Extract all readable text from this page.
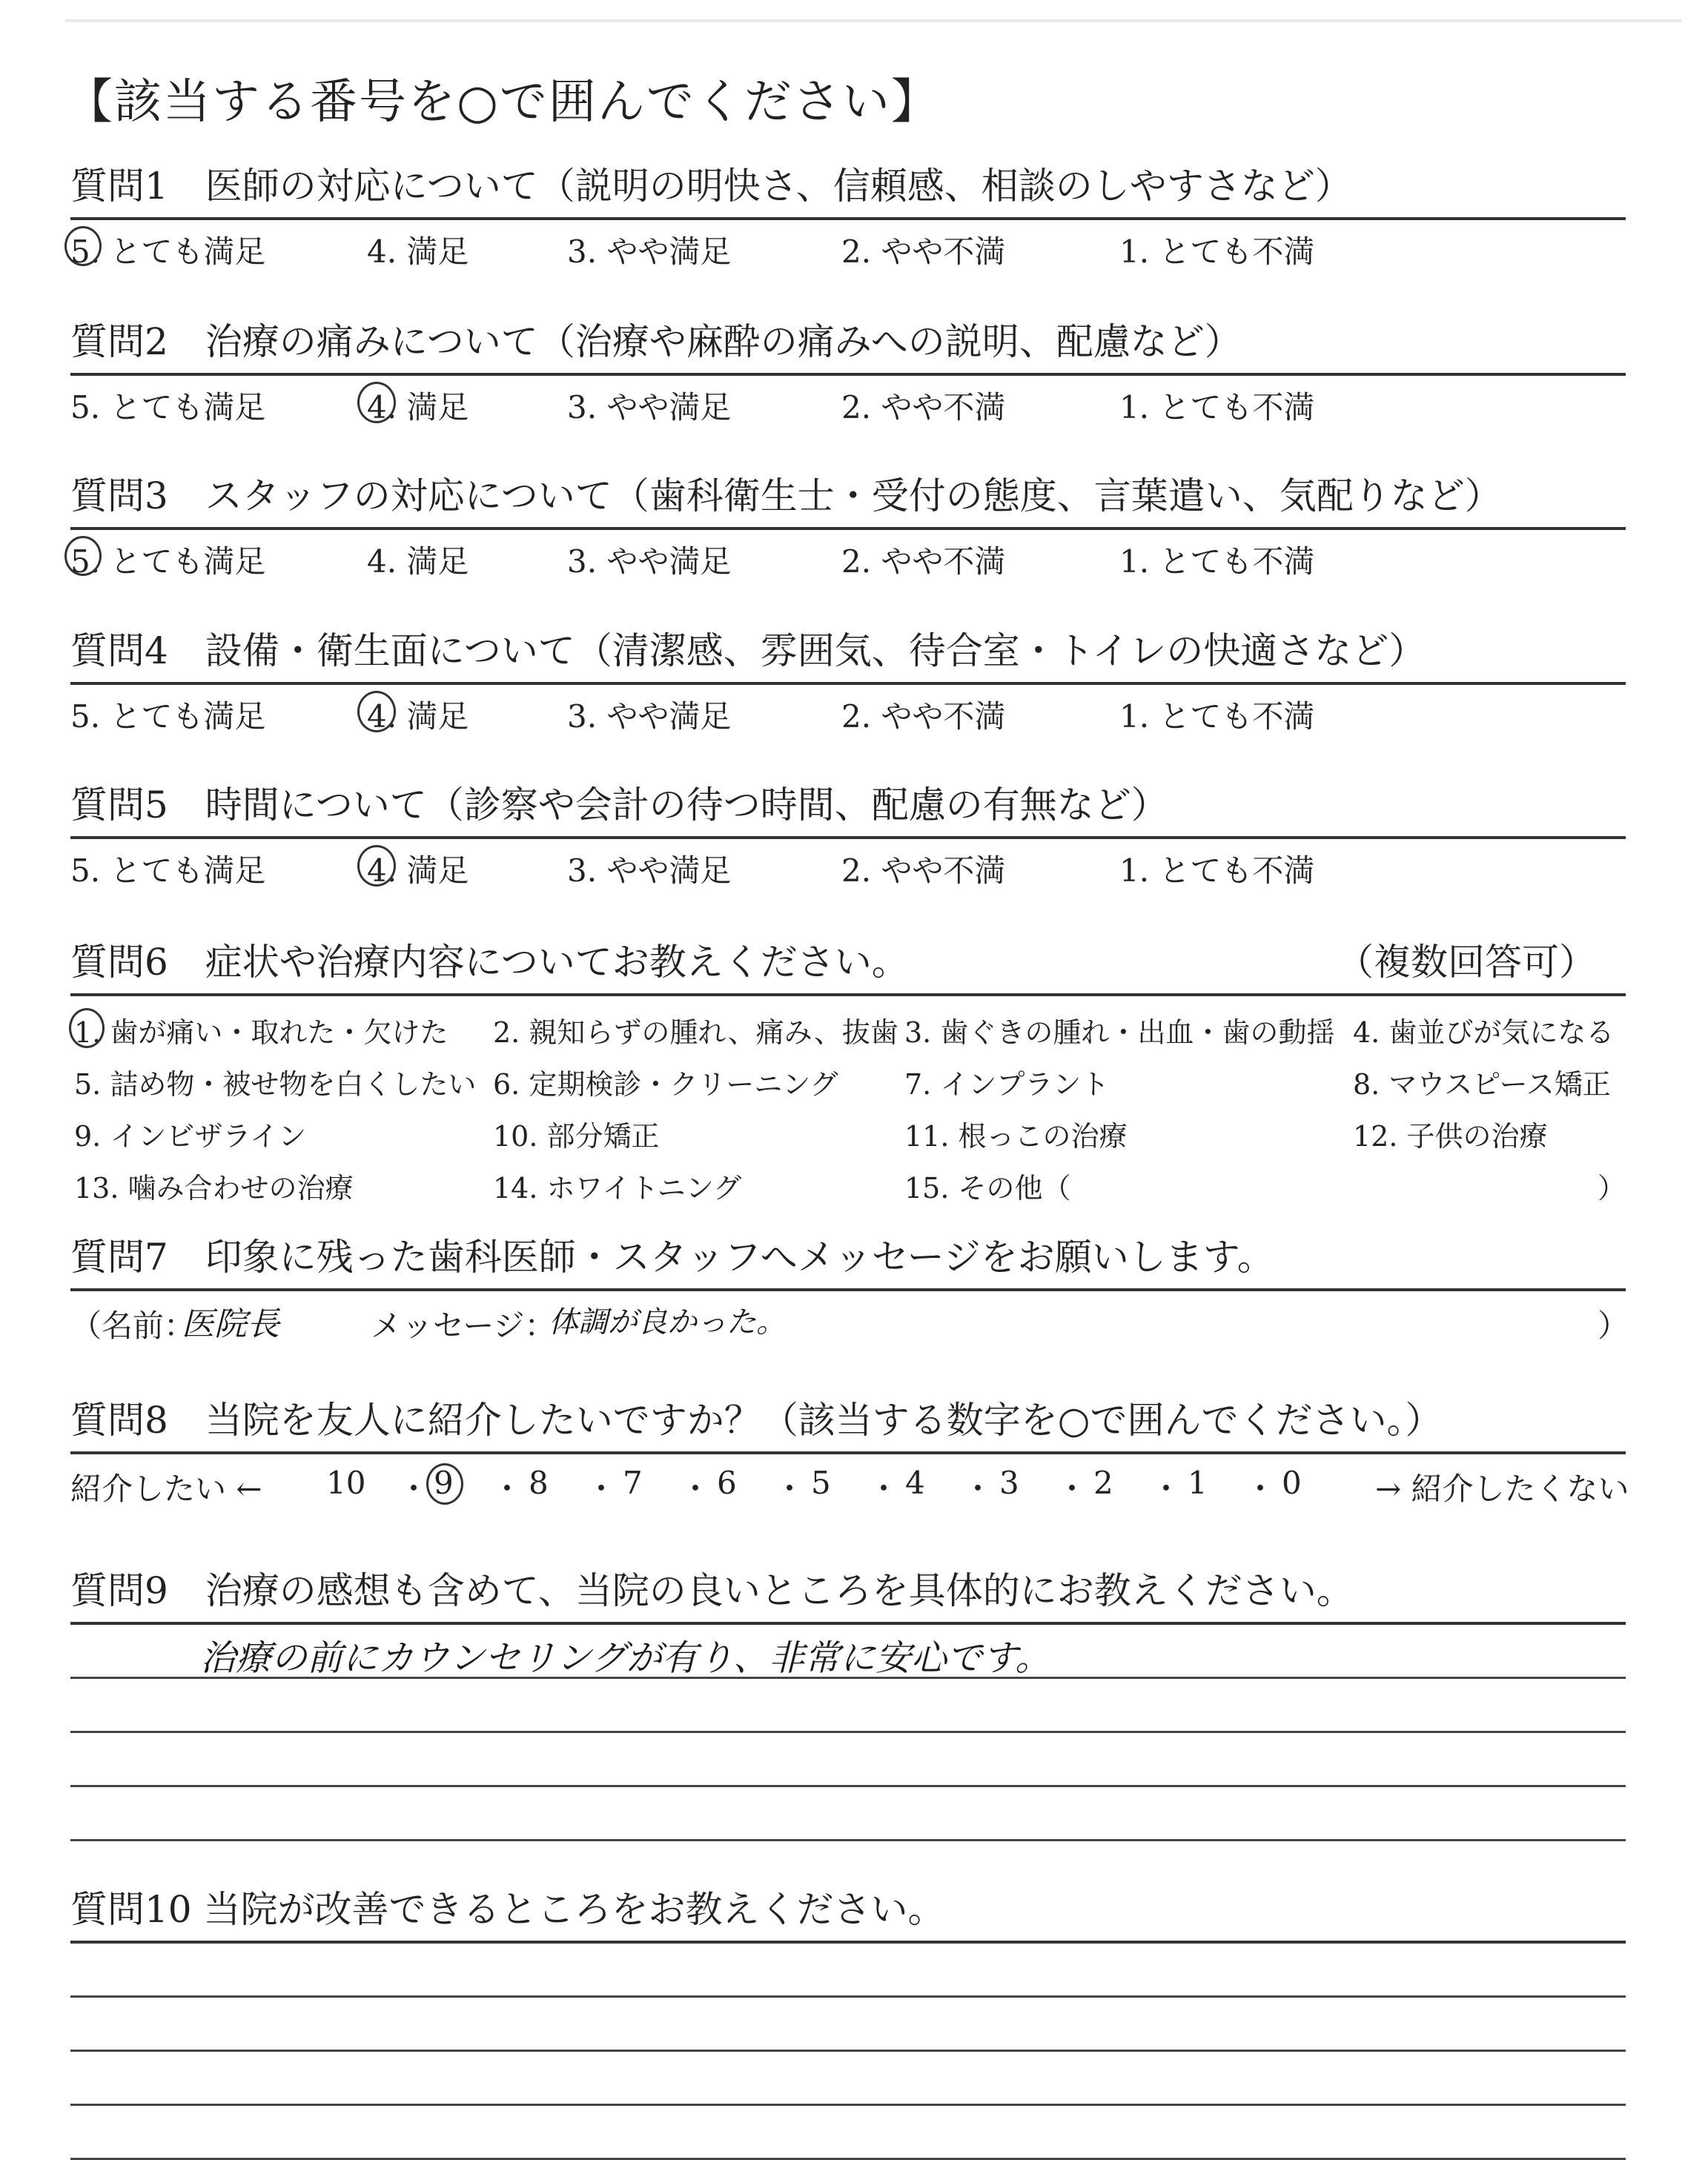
【該当する番号を○で囲んでください】
質問1　医師の対応について（説明の明快さ、信頼感、相談のしやすさなど）
5. とても満足	4. 満足	3. やや満足	2. やや不満	1. とても不満
質問2　治療の痛みについて（治療や麻酔の痛みへの説明、配慮など）
5. とても満足	4. 満足	3. やや満足	2. やや不満	1. とても不満
質問3　スタッフの対応について（歯科衛生士・受付の態度、言葉遣い、気配りなど）
5. とても満足	4. 満足	3. やや満足	2. やや不満	1. とても不満
質問4　設備・衛生面について（清潔感、雰囲気、待合室・トイレの快適さなど）
5. とても満足	4. 満足	3. やや満足	2. やや不満	1. とても不満
質問5　時間について（診察や会計の待つ時間、配慮の有無など）
5. とても満足	4. 満足	3. やや満足	2. やや不満	1. とても不満
質問6　症状や治療内容についてお教えください。	（複数回答可）
1. 歯が痛い・取れた・欠けた 2. 親知らずの腫れ、痛み、抜歯 3. 歯ぐきの腫れ・出血・歯の動揺 4. 歯並びが気になる
5. 詰め物・被せ物を白くしたい 6. 定期検診・クリーニング 7. インプラント	8. マウスピース矯正
9. インビザライン	10. 部分矯正	11. 根っこの治療	12. 子供の治療
13. 噛み合わせの治療	14. ホワイトニング	15. その他（	）
質問7　印象に残った歯科医師・スタッフへメッセージをお願いします。
（名前：
医院長	メッセージ：
体調が良かった。	）
質問8　当院を友人に紹介したいですか？（該当する数字を○で囲んでください。）
紹介したい ← 10 ・ 9 ・ 8 ・ 7 ・ 6 ・ 5 ・ 4 ・ 3 ・ 2 ・ 1 ・ 0 → 紹介したくない
質問9　治療の感想も含めて、当院の良いところを具体的にお教えください。
治療の前にカウンセリングが有り、非常に安心です。
質問10 当院が改善できるところをお教えください。
